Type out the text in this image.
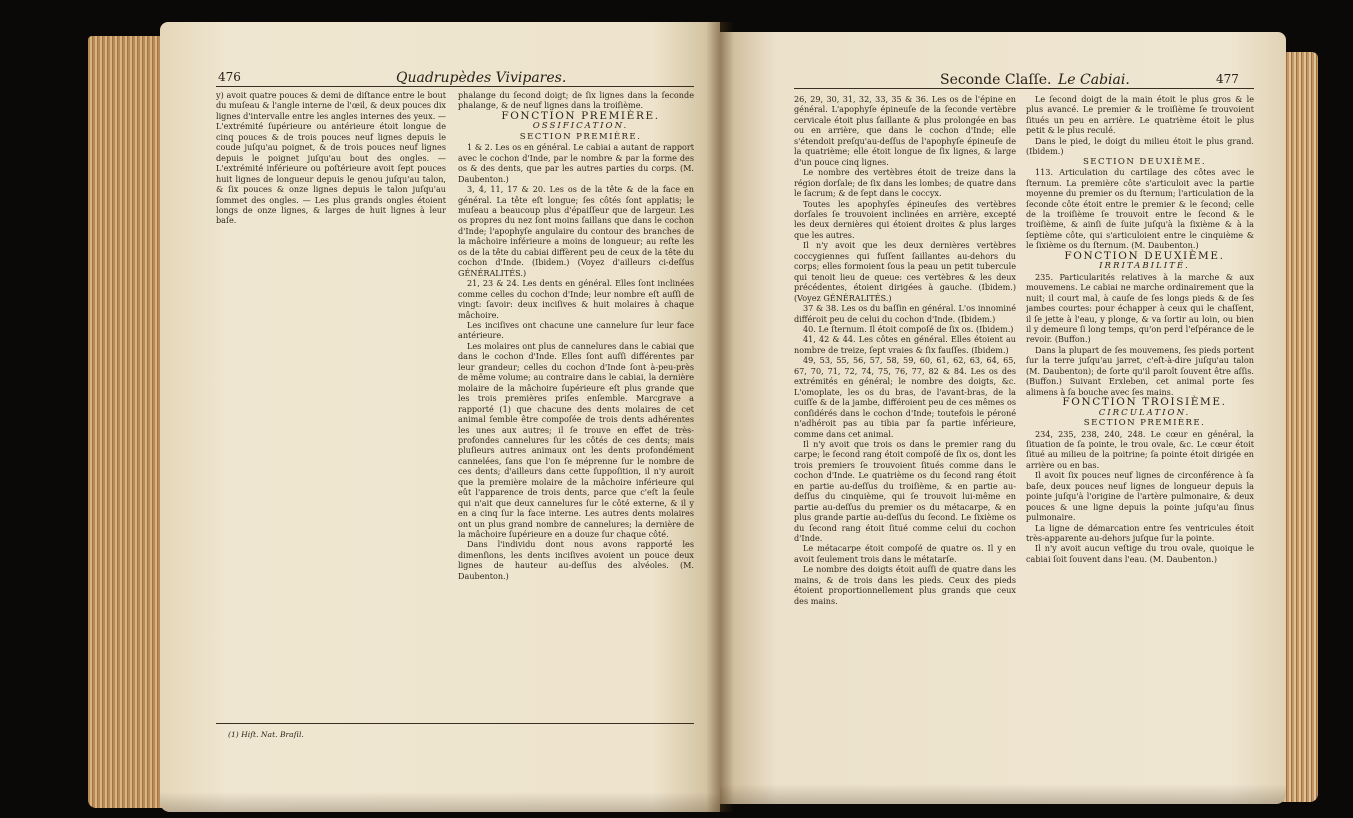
476	Quadrupèdes Vivipares.

y) avoit quatre pouces & demi de diſtance entre le bout du muſeau & l'angle interne de l'œil, & deux pouces dix lignes d'intervalle entre les angles internes des yeux. — L'extrémité ſupérieure ou antérieure étoit longue de cinq pouces & de trois pouces neuf lignes depuis le coude juſqu'au poignet, & de trois pouces neuf lignes depuis le poignet juſqu'au bout des ongles. — L'extrémité inférieure ou poſtérieure avoit ſept pouces huit lignes de longueur depuis le genou juſqu'au talon, & ſix pouces & onze lignes depuis le talon juſqu'au ſommet des ongles. — Les plus grands ongles étoient longs de onze lignes, & larges de huit lignes à leur baſe.

phalange du ſecond doigt; de ſix lignes dans la ſeconde phalange, & de neuf lignes dans la troiſième.

FONCTION PREMIÈRE.

OSSIFICATION.

SECTION PREMIÈRE.

1 & 2. Les os en général. Le cabiai a autant de rapport avec le cochon d'Inde, par le nombre & par la forme des os & des dents, que par les autres parties du corps. (M. Daubenton.)

3, 4, 11, 17 & 20. Les os de la tête & de la face en général. La tête eſt longue; ſes côtés ſont applatis; le muſeau a beaucoup plus d'épaiſſeur que de largeur. Les os propres du nez ſont moins ſaillans que dans le cochon d'Inde; l'apophyſe angulaire du contour des branches de la mâchoire inférieure a moins de longueur; au reſte les os de la tête du cabiai diffèrent peu de ceux de la tête du cochon d'Inde. (Ibidem.) (Voyez d'ailleurs ci-deſſus GÉNÉRALITÉS.)

21, 23 & 24. Les dents en général. Elles ſont inclinées comme celles du cochon d'Inde; leur nombre eſt auſſi de vingt: ſavoir: deux inciſives & huit molaires à chaque mâchoire.

Les inciſives ont chacune une cannelure ſur leur face antérieure.

Les molaires ont plus de cannelures dans le cabiai que dans le cochon d'Inde. Elles ſont auſſi différentes par leur grandeur; celles du cochon d'Inde ſont à-peu-près de même volume; au contraire dans le cabiai, la dernière molaire de la mâchoire ſupérieure eſt plus grande que les trois premières priſes enſemble. Marcgrave a rapporté (1) que chacune des dents molaires de cet animal ſemble être compoſée de trois dents adhérentes les unes aux autres; il ſe trouve en effet de très-profondes cannelures ſur les côtés de ces dents; mais pluſieurs autres animaux ont les dents profondément cannelées, ſans que l'on ſe méprenne ſur le nombre de ces dents; d'ailleurs dans cette ſuppoſition, il n'y auroit que la première molaire de la mâchoire inférieure qui eût l'apparence de trois dents, parce que c'eſt la ſeule qui n'ait que deux cannelures ſur le côté externe, & il y en a cinq ſur la face interne. Les autres dents molaires ont un plus grand nombre de cannelures; la dernière de la mâchoire ſupérieure en a douze ſur chaque côté.

Dans l'individu dont nous avons rapporté les dimenſions, les dents inciſives avoient un pouce deux lignes de hauteur au-deſſus des alvéoles. (M. Daubenton.)

(1) Hiſt. Nat. Braſil.
Seconde Claſſe. Le Cabiai.	477

26, 29, 30, 31, 32, 33, 35 & 36. Les os de l'épine en général. L'apophyſe épineuſe de la ſeconde vertèbre cervicale étoit plus ſaillante & plus prolongée en bas ou en arrière, que dans le cochon d'Inde; elle s'étendoit preſqu'au-deſſus de l'apophyſe épineuſe de la quatrième; elle étoit longue de ſix lignes, & large d'un pouce cinq lignes.

Le nombre des vertèbres étoit de treize dans la région dorſale; de ſix dans les lombes; de quatre dans le ſacrum; & de ſept dans le coccyx.

Toutes les apophyſes épineuſes des vertèbres dorſales ſe trouvoient inclinées en arrière, excepté les deux dernières qui étoient droites & plus larges que les autres.

Il n'y avoit que les deux dernières vertèbres coccygiennes qui fuſſent ſaillantes au-dehors du corps; elles formoient ſous la peau un petit tubercule qui tenoit lieu de queue: ces vertèbres & les deux précédentes, étoient dirigées à gauche. (Ibidem.) (Voyez GÉNÉRALITÉS.)

37 & 38. Les os du baſſin en général. L'os innominé différoit peu de celui du cochon d'Inde. (Ibidem.)

40. Le ſternum. Il étoit compoſé de ſix os. (Ibidem.)

41, 42 & 44. Les côtes en général. Elles étoient au nombre de treize, ſept vraies & ſix fauſſes. (Ibidem.)

49, 53, 55, 56, 57, 58, 59, 60, 61, 62, 63, 64, 65, 67, 70, 71, 72, 74, 75, 76, 77, 82 & 84. Les os des extrémités en général; le nombre des doigts, &c. L'omoplate, les os du bras, de l'avant-bras, de la cuiſſe & de la jambe, différoient peu de ces mêmes os conſidérés dans le cochon d'Inde; toutefois le péroné n'adhéroit pas au tibia par ſa partie inférieure, comme dans cet animal.

Il n'y avoit que trois os dans le premier rang du carpe; le ſecond rang étoit compoſé de ſix os, dont les trois premiers ſe trouvoient ſitués comme dans le cochon d'Inde. Le quatrième os du ſecond rang étoit en partie au-deſſus du troiſième, & en partie au-deſſus du cinquième, qui ſe trouvoit lui-même en partie au-deſſus du premier os du métacarpe, & en plus grande partie au-deſſus du ſecond. Le ſixième os du ſecond rang étoit ſitué comme celui du cochon d'Inde.

Le métacarpe étoit compoſé de quatre os. Il y en avoit ſeulement trois dans le métatarſe.

Le nombre des doigts étoit auſſi de quatre dans les mains, & de trois dans les pieds. Ceux des pieds étoient proportionnellement plus grands que ceux des mains.

Le ſecond doigt de la main étoit le plus gros & le plus avancé. Le premier & le troiſième ſe trouvoient ſitués un peu en arrière. Le quatrième étoit le plus petit & le plus reculé.

Dans le pied, le doigt du milieu étoit le plus grand. (Ibidem.)

SECTION DEUXIÈME.

113. Articulation du cartilage des côtes avec le ſternum. La première côte s'articuloit avec la partie moyenne du premier os du ſternum; l'articulation de la ſeconde côte étoit entre le premier & le ſecond; celle de la troiſième ſe trouvoit entre le ſecond & le troiſième, & ainſi de ſuite juſqu'à la ſixième & à la ſeptième côte, qui s'articuloient entre le cinquième & le ſixième os du ſternum. (M. Daubenton.)

FONCTION DEUXIÈME.

IRRITABILITÉ.

235. Particularités relatives à la marche & aux mouvemens. Le cabiai ne marche ordinairement que la nuit; il court mal, à cauſe de ſes longs pieds & de ſes jambes courtes: pour échapper à ceux qui le chaſſent, il ſe jette à l'eau, y plonge, & va ſortir au loin, ou bien il y demeure ſi long temps, qu'on perd l'eſpérance de le revoir. (Buffon.)

Dans la plupart de ſes mouvemens, ſes pieds portent ſur la terre juſqu'au jarret, c'eſt-à-dire juſqu'au talon (M. Daubenton); de ſorte qu'il paroît ſouvent être aſſis. (Buffon.) Suivant Erxleben, cet animal porte ſes alimens à ſa bouche avec ſes mains.

FONCTION TROISIÈME.

CIRCULATION.

SECTION PREMIÈRE.

234, 235, 238, 240, 248. Le cœur en général, la ſituation de ſa pointe, le trou ovale, &c. Le cœur étoit ſitué au milieu de la poitrine; ſa pointe étoit dirigée en arrière ou en bas.

Il avoit ſix pouces neuf lignes de circonférence à ſa baſe, deux pouces neuf lignes de longueur depuis la pointe juſqu'à l'origine de l'artère pulmonaire, & deux pouces & une ligne depuis la pointe juſqu'au ſinus pulmonaire.

La ligne de démarcation entre ſes ventricules étoit très-apparente au-dehors juſque ſur la pointe.

Il n'y avoit aucun veſtige du trou ovale, quoique le cabiai ſoit ſouvent dans l'eau. (M. Daubenton.)
